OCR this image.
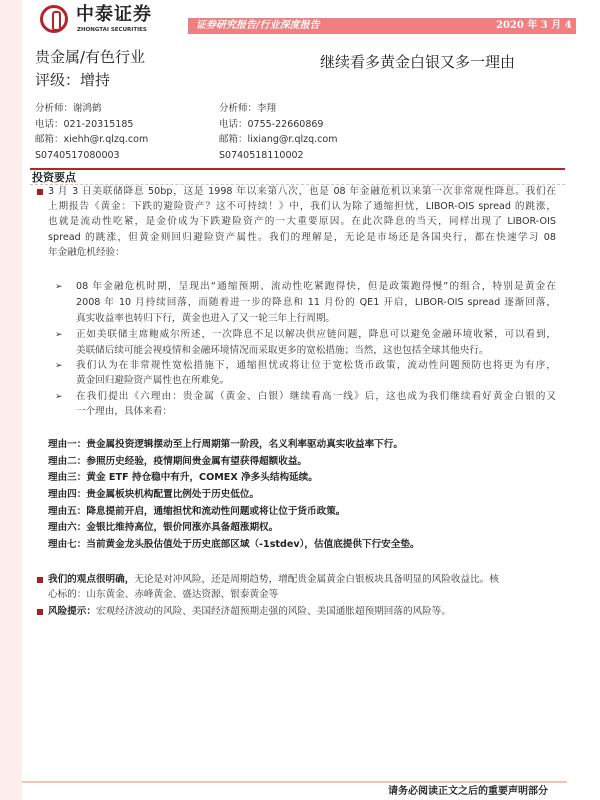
中泰证券
ZHONGTAI SECURITIES	证券研究报告/行业深度报告	2020 年 3 月 4 日
贵金属/有色行业
评级：增持
继续看多黄金白银又多一理由
分析师：谢鸿鹤
电话：021-20315185
邮箱：xiehh@r.qlzq.com
S0740517080003
分析师：李翔
电话：0755-22660869
邮箱：lixiang@r.qlzq.com
S0740518110002
投资要点
3 月 3 日美联储降息 50bp，这是 1998 年以来第八次，也是 08 年金融危机以来第一次非常规性降息。我们在
上期报告《黄金：下跌的避险资产？这不可持续！》中，我们认为除了通缩担忧，LIBOR-OIS spread 的跳涨，
也就是流动性吃紧，是金价成为下跌避险资产的一大重要原因。在此次降息的当天，同样出现了 LIBOR-OIS
spread 的跳涨，但黄金则回归避险资产属性。我们的理解是，无论是市场还是各国央行，都在快速学习 08
年金融危机经验：
➢ 08 年金融危机时期，呈现出“通缩预期、流动性吃紧跑得快，但是政策跑得慢”的组合，特别是黄金在
2008 年 10 月持续回落，而随着进一步的降息和 11 月份的 QE1 开启，LIBOR-OIS spread 逐渐回落，
真实收益率也转归下行，黄金也进入了又一轮三年上行周期。
➢ 正如美联储主席鲍威尔所述，一次降息不足以解决供应链问题，降息可以避免金融环境收紧，可以看到，
美联储后续可能会视疫情和金融环境情况而采取更多的宽松措施；当然，这也包括全球其他央行。
➢ 我们认为在非常规性宽松措施下，通缩担忧或将让位于宽松货币政策，流动性问题预防也将更为有序，
黄金回归避险资产属性也在所难免。
➢ 在我们提出《六理由：贵金属（黄金、白银）继续看高一线》后，这也成为我们继续看好黄金白银的又
一个理由，具体来看：
理由一：贵金属投资逻辑摆动至上行周期第一阶段，名义利率驱动真实收益率下行。
理由二：参照历史经验，疫情期间贵金属有望获得超额收益。
理由三：黄金 ETF 持仓稳中有升，COMEX 净多头结构延续。
理由四：贵金属板块机构配置比例处于历史低位。
理由五：降息提前开启，通缩担忧和流动性问题或将让位于货币政策。
理由六：金银比维持高位，银价同涨亦具备超涨期权。
理由七：当前黄金龙头股估值处于历史底部区域（-1stdev），估值底提供下行安全垫。
我们的观点很明确，无论是对冲风险，还是周期趋势，增配贵金属黄金白银板块具备明显的风险收益比。核
心标的：山东黄金、赤峰黄金、盛达资源、银泰黄金等
风险提示：宏观经济波动的风险、美国经济超预期走强的风险、美国通胀超预期回落的风险等。
请务必阅读正文之后的重要声明部分
